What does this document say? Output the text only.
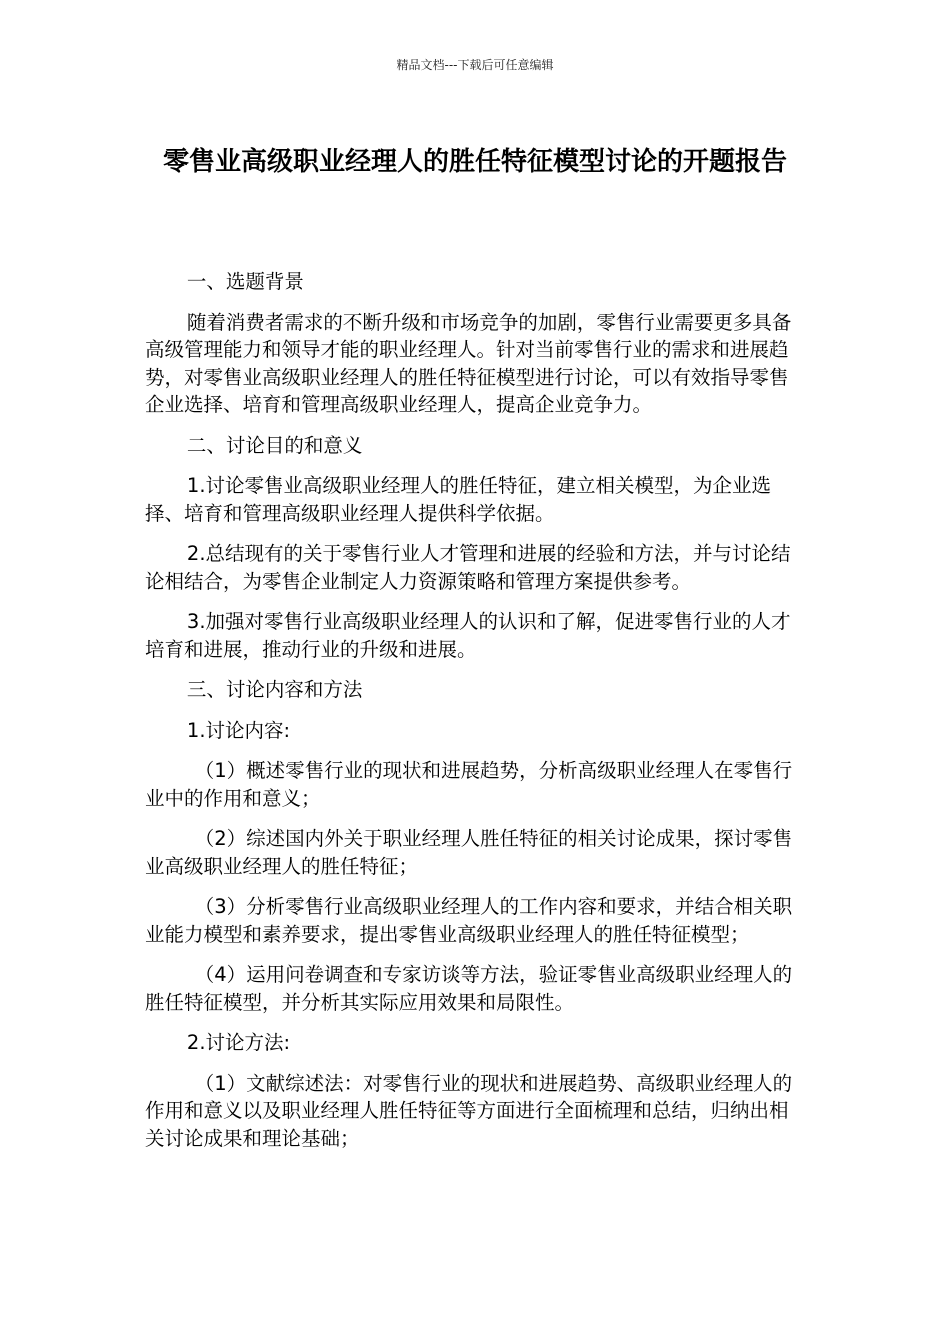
精品文档---下载后可任意编辑
零售业高级职业经理人的胜任特征模型讨论的开题报告

一、选题背景

随着消费者需求的不断升级和市场竞争的加剧，零售行业需要更多具备高级管理能力和领导才能的职业经理人。针对当前零售行业的需求和进展趋势，对零售业高级职业经理人的胜任特征模型进行讨论，可以有效指导零售企业选择、培育和管理高级职业经理人，提高企业竞争力。

二、讨论目的和意义

1.讨论零售业高级职业经理人的胜任特征，建立相关模型，为企业选择、培育和管理高级职业经理人提供科学依据。

2.总结现有的关于零售行业人才管理和进展的经验和方法，并与讨论结论相结合，为零售企业制定人力资源策略和管理方案提供参考。

3.加强对零售行业高级职业经理人的认识和了解，促进零售行业的人才培育和进展，推动行业的升级和进展。

三、讨论内容和方法

1.讨论内容:

（1）概述零售行业的现状和进展趋势，分析高级职业经理人在零售行业中的作用和意义；

（2）综述国内外关于职业经理人胜任特征的相关讨论成果，探讨零售业高级职业经理人的胜任特征；

（3）分析零售行业高级职业经理人的工作内容和要求，并结合相关职业能力模型和素养要求，提出零售业高级职业经理人的胜任特征模型；

（4）运用问卷调查和专家访谈等方法，验证零售业高级职业经理人的胜任特征模型，并分析其实际应用效果和局限性。

2.讨论方法:

（1）文献综述法：对零售行业的现状和进展趋势、高级职业经理人的作用和意义以及职业经理人胜任特征等方面进行全面梳理和总结，归纳出相关讨论成果和理论基础；
